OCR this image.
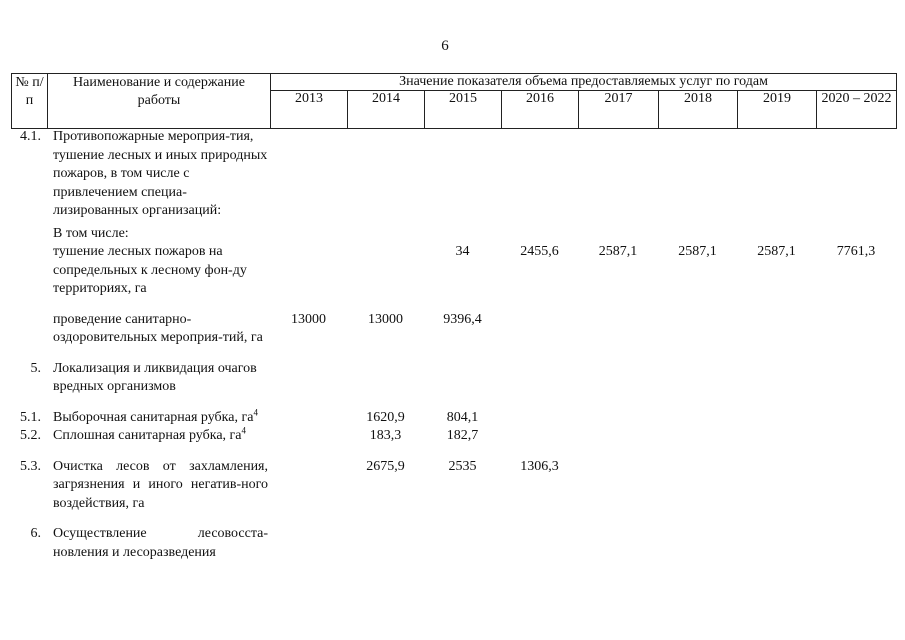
6
№ п/п	Наименование и содержание работы	Значение показателя объема предоставляемых услуг по годам							
		2013	2014	2015	2016	2017	2018	2019	2020 – 2022
4.1.	Противопожарные мероприя-тия, тушение лесных и иных природных пожаров, в том числе с привлечением специа-лизированных организаций:								
	В том числе:								
	тушение лесных пожаров на сопредельных к лесному фон-ду территориях, га			34	2455,6	2587,1	2587,1	2587,1	7761,3
	проведение санитарно-оздоровительных мероприя-тий, га	13000	13000	9396,4					
5.	Локализация и ликвидация очагов вредных организмов								
5.1.	Выборочная санитарная рубка, $га^4$		1620,9	804,1					
5.2.	Сплошная санитарная рубка, $га^4$		183,3	182,7					
5.3.	Очистка лесов от захламления, загрязнения и иного негатив-ного воздействия, га		2675,9	2535	1306,3				
6.	Осуществление лесовосста-новления и лесоразведения								
